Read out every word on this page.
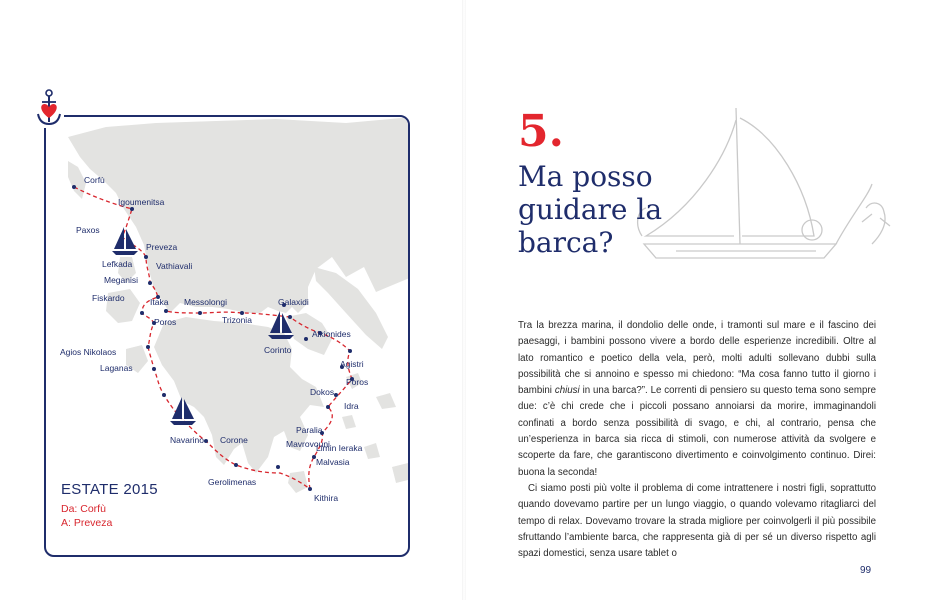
Corfù
Igoumenitsa
Paxos
Preveza
Lefkada	Vathiavali
Meganisi
Fiskardo	Itaka Messolongi	Galaxidi
Trizonia
Poros
Alkionides
Corinto
Agios Nikolaos
Agistri
Laganas
Poros
Dokos
Idra
Paralia
Navarino Corone	Mavrovouni
Limin Ieraka
Malvasia
Gerolimenas
Kithira
ESTATE 2015
Da: Corfù
A: Preveza
5.
Ma posso guidare la barca?

Tra la brezza marina, il dondolio delle onde, i tramonti sul mare e il fascino dei paesaggi, i bambini possono vivere a bordo delle esperienze incredibili. Oltre al lato romantico e poetico della vela, però, molti adulti sollevano dubbi sulla possibilità che si annoino e spesso mi chiedono: “Ma cosa fanno tutto il giorno i bambini chiusi in una barca?”. Le correnti di pensiero su questo tema sono sempre due: c’è chi crede che i piccoli possano annoiarsi da morire, immaginandoli confinati a bordo senza possibilità di svago, e chi, al contrario, pensa che un’esperienza in barca sia ricca di stimoli, con numerose attività da svolgere e scoperte da fare, che garantiscono divertimento e coinvolgimento continuo. Direi: buona la seconda!

Ci siamo posti più volte il problema di come intrattenere i nostri figli, soprattutto quando dovevamo partire per un lungo viaggio, o quando volevamo ritagliarci del tempo di relax. Dovevamo trovare la strada migliore per coinvolgerli il più possibile sfruttando l’ambiente barca, che rappresenta già di per sé un diverso rispetto agli spazi domestici, senza usare tablet o

99
